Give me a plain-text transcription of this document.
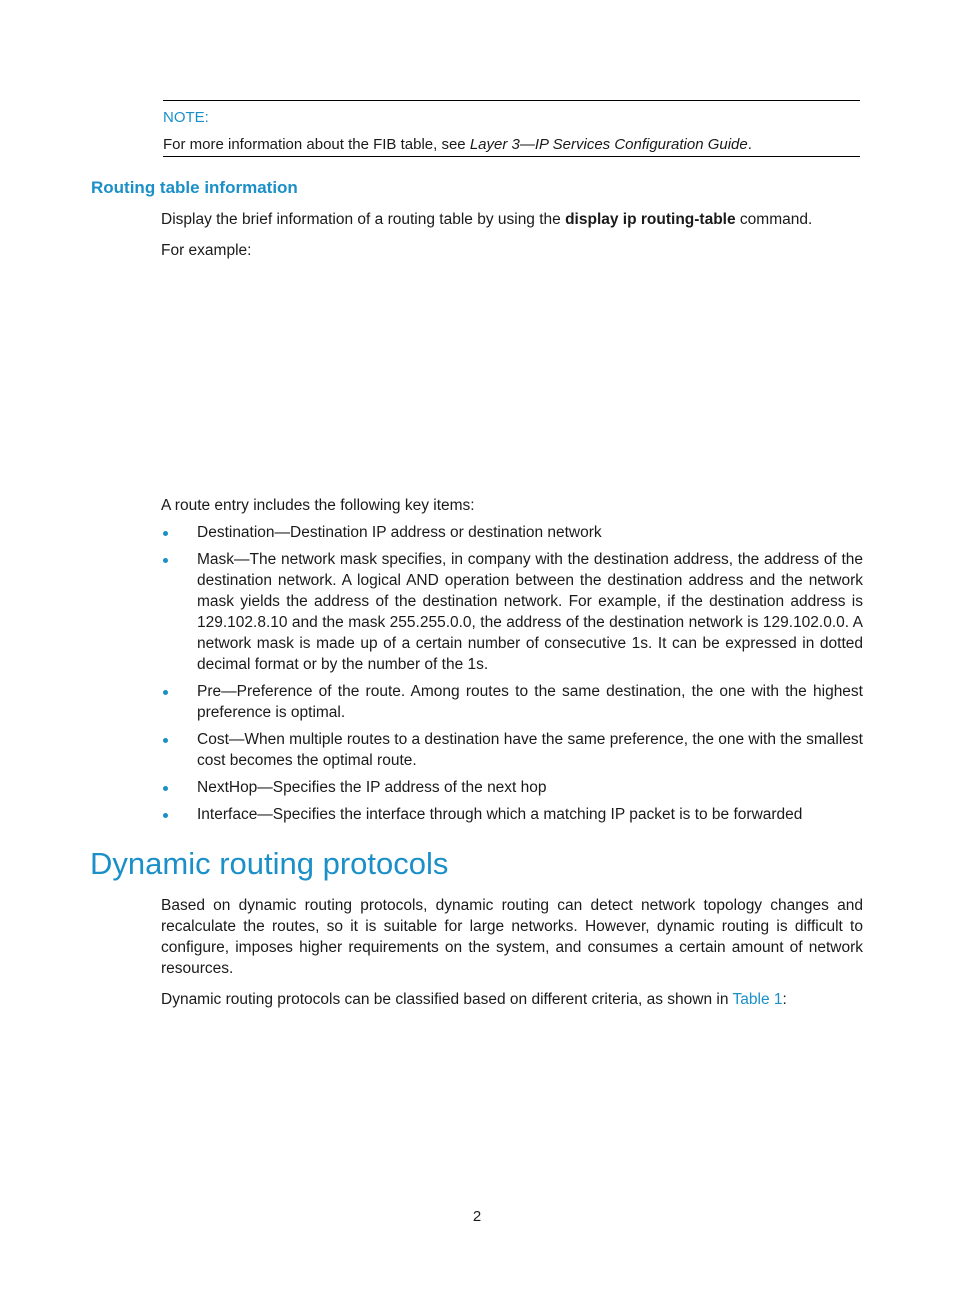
NOTE:
For more information about the FIB table, see Layer 3—IP Services Configuration Guide.
Routing table information
Display the brief information of a routing table by using the display ip routing-table command.
For example:
A route entry includes the following key items:
Destination—Destination IP address or destination network
Mask—The network mask specifies, in company with the destination address, the address of the destination network. A logical AND operation between the destination address and the network mask yields the address of the destination network. For example, if the destination address is 129.102.8.10 and the mask 255.255.0.0, the address of the destination network is 129.102.0.0. A network mask is made up of a certain number of consecutive 1s. It can be expressed in dotted decimal format or by the number of the 1s.
Pre—Preference of the route. Among routes to the same destination, the one with the highest preference is optimal.
Cost—When multiple routes to a destination have the same preference, the one with the smallest cost becomes the optimal route.
NextHop—Specifies the IP address of the next hop
Interface—Specifies the interface through which a matching IP packet is to be forwarded
Dynamic routing protocols
Based on dynamic routing protocols, dynamic routing can detect network topology changes and recalculate the routes, so it is suitable for large networks. However, dynamic routing is difficult to configure, imposes higher requirements on the system, and consumes a certain amount of network resources.
Dynamic routing protocols can be classified based on different criteria, as shown in Table 1:
2
